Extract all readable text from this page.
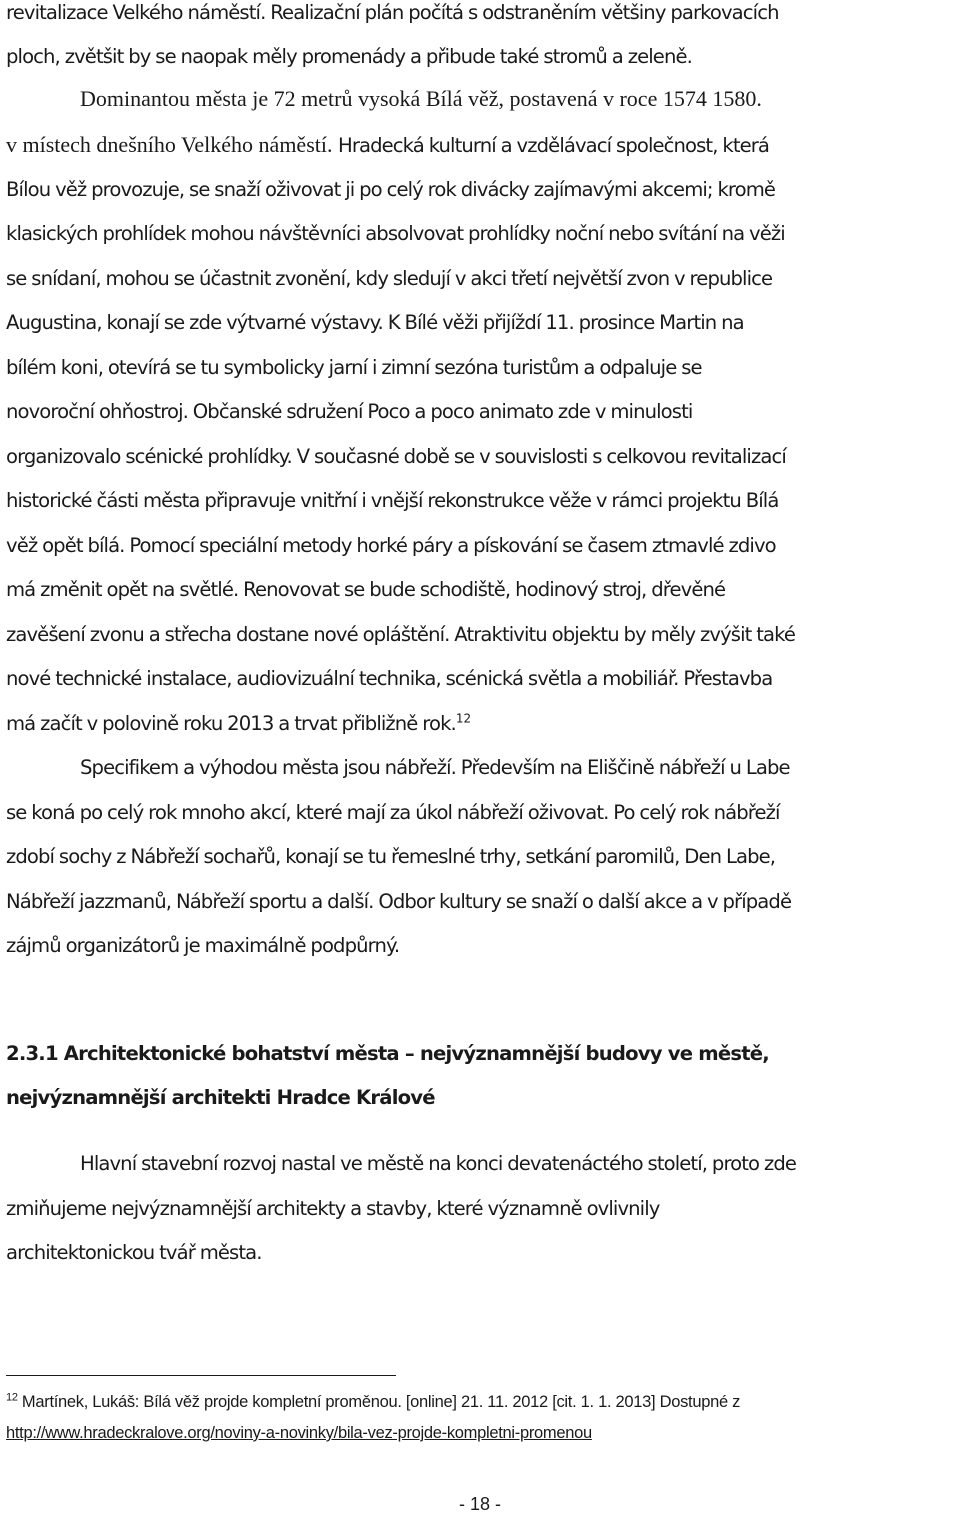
revitalizace Velkého náměstí. Realizační plán počítá s odstraněním většiny parkovacích
ploch, zvětšit by se naopak měly promenády a přibude také stromů a zeleně.
Dominantou města je 72 metrů vysoká Bílá věž, postavená v roce 1574 1580.
v místech dnešního Velkého náměstí. Hradecká kulturní a vzdělávací společnost, která
Bílou věž provozuje, se snaží oživovat ji po celý rok divácky zajímavými akcemi; kromě
klasických prohlídek mohou návštěvníci absolvovat prohlídky noční nebo svítání na věži
se snídaní, mohou se účastnit zvonění, kdy sledují v akci třetí největší zvon v republice
Augustina, konají se zde výtvarné výstavy. K Bílé věži přijíždí 11. prosince Martin na
bílém koni, otevírá se tu symbolicky jarní i zimní sezóna turistům a odpaluje se
novoroční ohňostroj. Občanské sdružení Poco a poco animato zde v minulosti
organizovalo scénické prohlídky. V současné době se v souvislosti s celkovou revitalizací
historické části města připravuje vnitřní i vnější rekonstrukce věže v rámci projektu Bílá
věž opět bílá. Pomocí speciální metody horké páry a pískování se časem ztmavlé zdivo
má změnit opět na světlé. Renovovat se bude schodiště, hodinový stroj, dřevěné
zavěšení zvonu a střecha dostane nové opláštění. Atraktivitu objektu by měly zvýšit také
nové technické instalace, audiovizuální technika, scénická světla a mobiliář. Přestavba
má začít v polovině roku 2013 a trvat přibližně rok.$^{12}$
Specifikem a výhodou města jsou nábřeží. Především na Eliščině nábřeží u Labe
se koná po celý rok mnoho akcí, které mají za úkol nábřeží oživovat. Po celý rok nábřeží
zdobí sochy z Nábřeží sochařů, konají se tu řemeslné trhy, setkání paromilů, Den Labe,
Nábřeží jazzmanů, Nábřeží sportu a další. Odbor kultury se snaží o další akce a v případě
zájmů organizátorů je maximálně podpůrný.
2.3.1 Architektonické bohatství města – nejvýznamnější budovy ve městě,
nejvýznamnější architekti Hradce Králové
Hlavní stavební rozvoj nastal ve městě na konci devatenáctého století, proto zde
zmiňujeme nejvýznamnější architekty a stavby, které významně ovlivnily
architektonickou tvář města.
$^{12}$ Martínek, Lukáš: Bílá věž projde kompletní proměnou. [online] 21. 11. 2012 [cit. 1. 1. 2013] Dostupné z
http://www.hradeckralove.org/noviny-a-novinky/bila-vez-projde-kompletni-promenou
- 18 -
